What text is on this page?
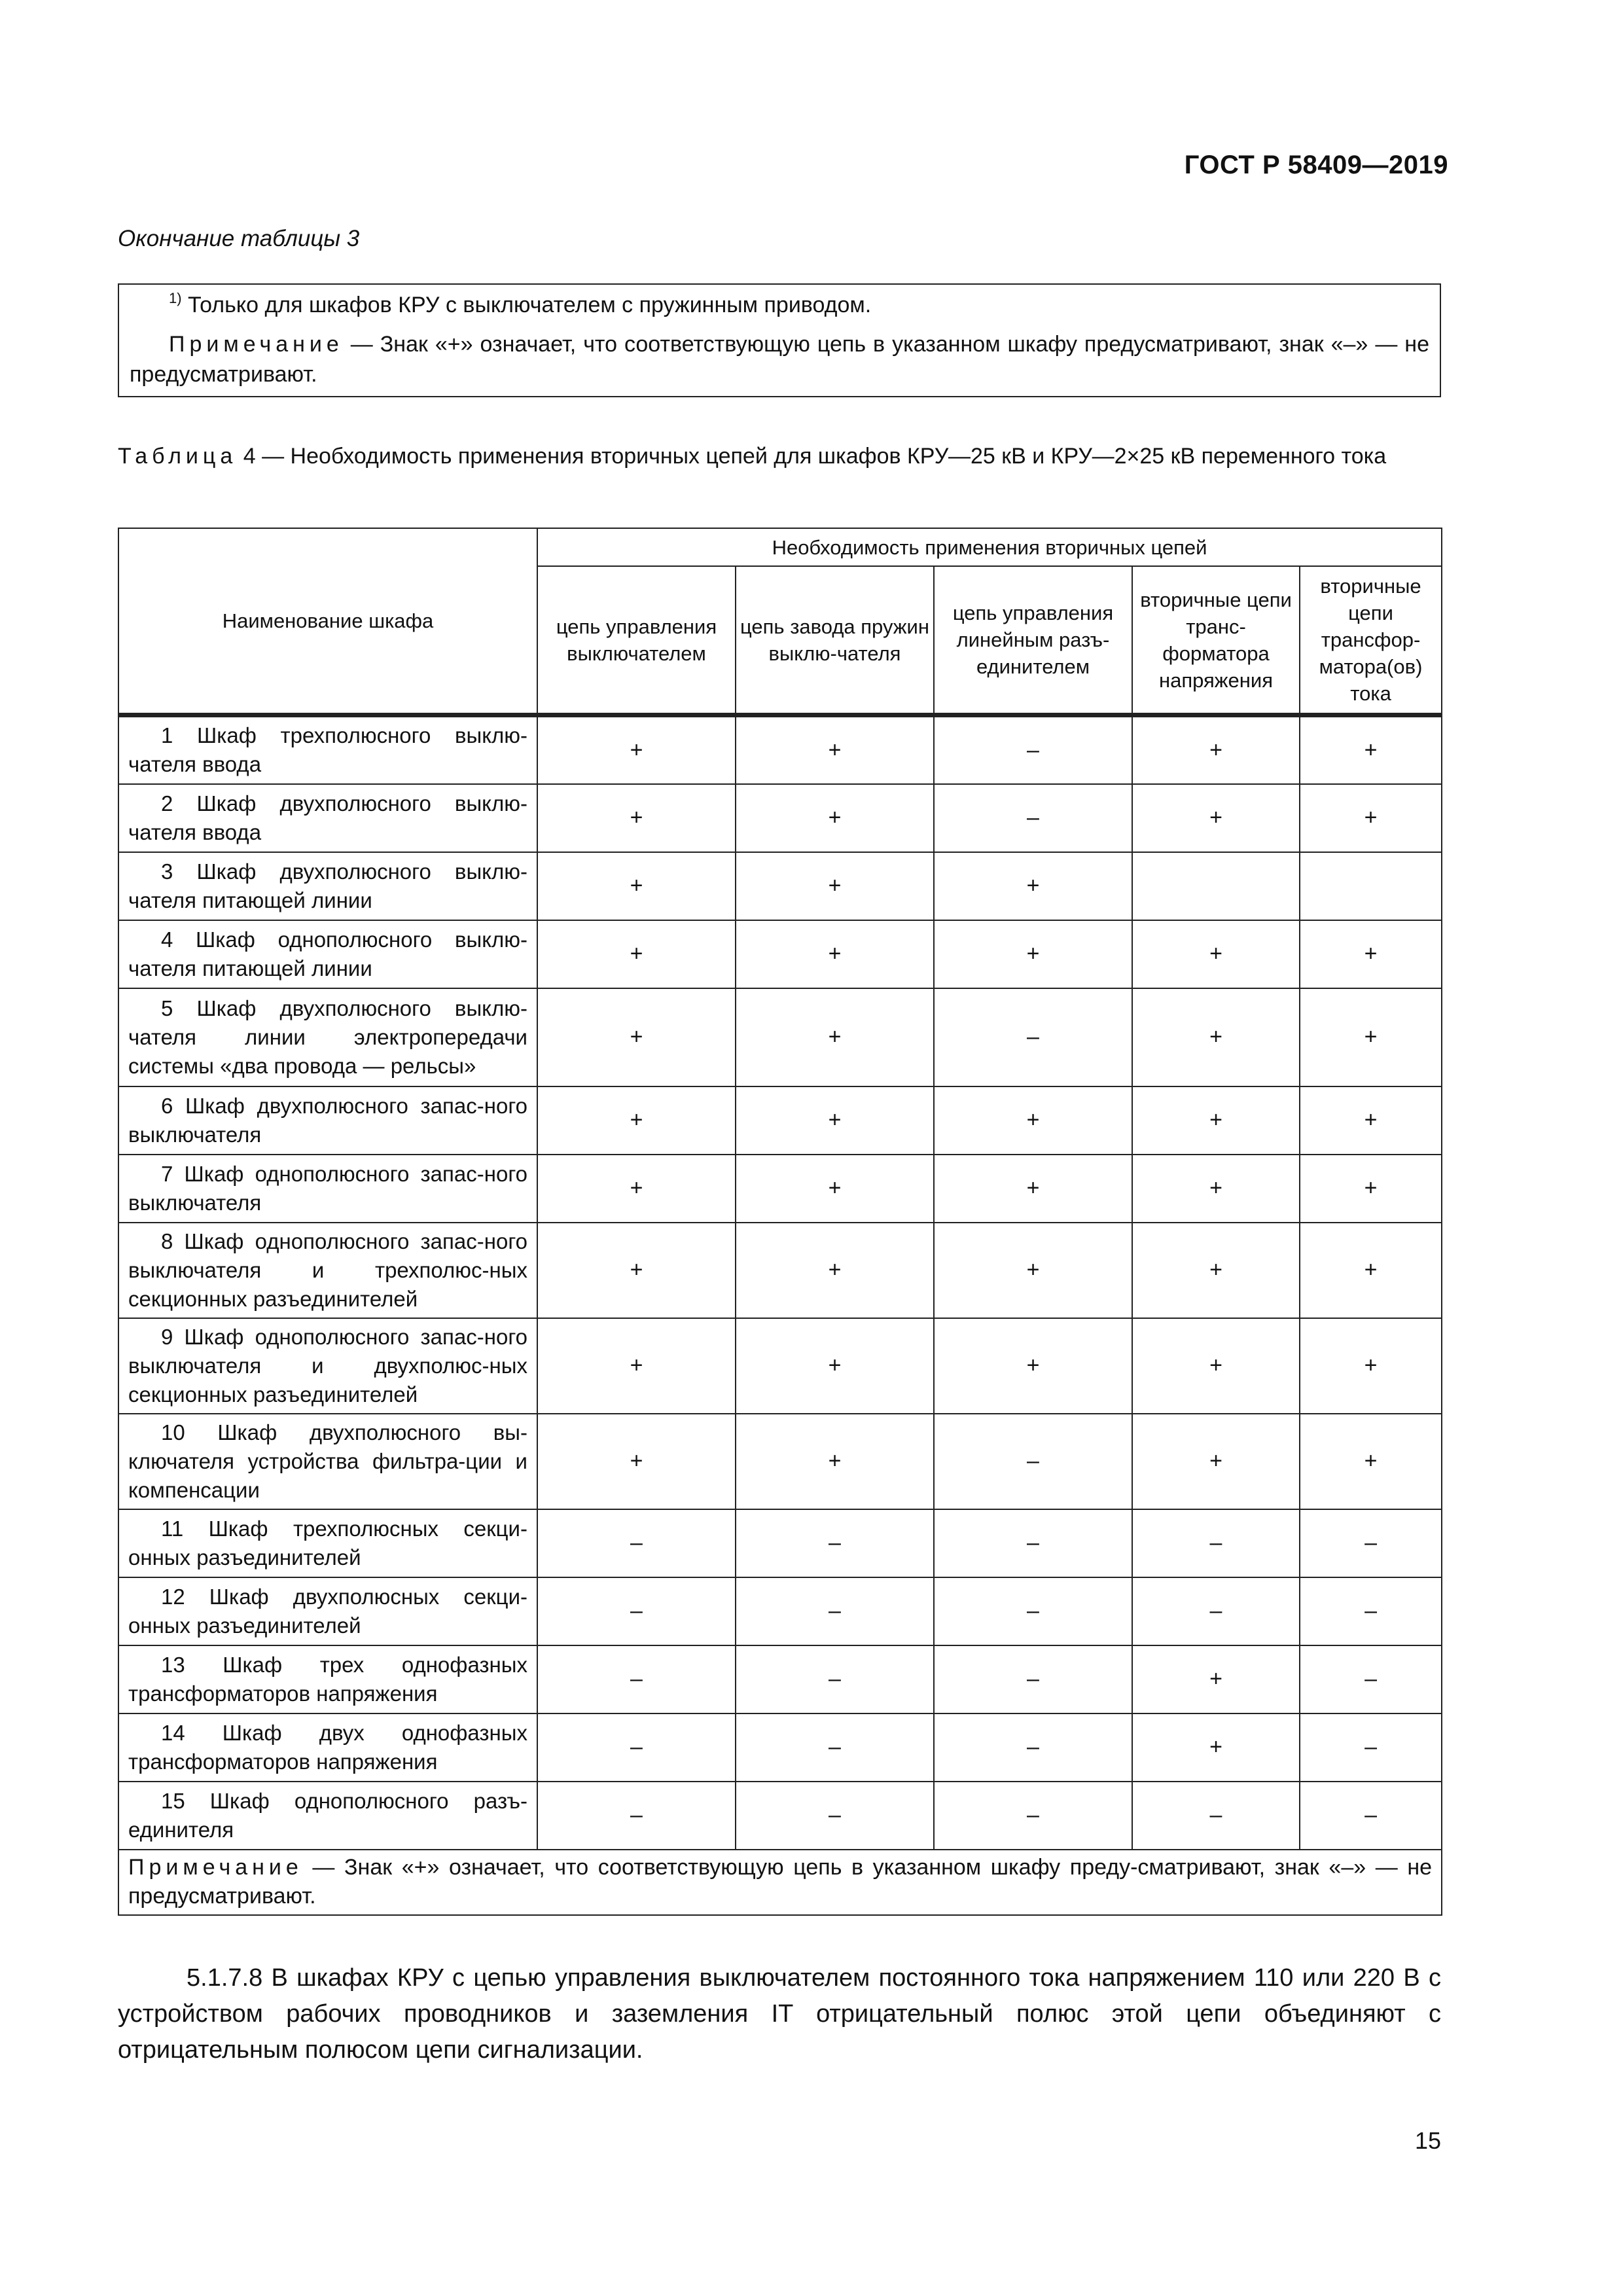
ГОСТ Р 58409—2019
Окончание таблицы 3

$^{1)}$ Только для шкафов КРУ с выключателем с пружинным приводом.

Примечание — Знак «+» означает, что соответствующую цепь в указанном шкафу предусматривают, знак «–» — не предусматривают.

Таблица 4 — Необходимость применения вторичных цепей для шкафов КРУ—25 кВ и КРУ—2×25 кВ переменного тока
Наименование шкафа	Необходимость применения вторичных цепей				
	цепь управления выключателем	цепь завода пружин выклю-чателя	цепь управления линейным разъ-единителем	вторичные цепи транс-форматора напряжения	вторичные цепи трансфор-матора(ов) тока

1 Шкаф трехполюсного выклю-чателя ввода	+	+	–	+	+
2 Шкаф двухполюсного выклю-чателя ввода	+	+	–	+	+
3 Шкаф двухполюсного выклю-чателя питающей линии	+	+	+		
4 Шкаф однополюсного выклю-чателя питающей линии	+	+	+	+	+
5 Шкаф двухполюсного выклю-чателя линии электропередачи системы «два провода — рельсы»	+	+	–	+	+
6 Шкаф двухполюсного запас-ного выключателя	+	+	+	+	+
7 Шкаф однополюсного запас-ного выключателя	+	+	+	+	+
8 Шкаф однополюсного запас-ного выключателя и трехполюс-ных секционных разъединителей	+	+	+	+	+
9 Шкаф однополюсного запас-ного выключателя и двухполюс-ных секционных разъединителей	+	+	+	+	+
10 Шкаф двухполюсного вы-ключателя устройства фильтра-ции и компенсации	+	+	–	+	+
11 Шкаф трехполюсных секци-онных разъединителей	–	–	–	–	–
12 Шкаф двухполюсных секци-онных разъединителей	–	–	–	–	–
13 Шкаф трех однофазных трансформаторов напряжения	–	–	–	+	–
14 Шкаф двух однофазных трансформаторов напряжения	–	–	–	+	–
15 Шкаф однополюсного разъ-единителя	–	–	–	–	–
Примечание — Знак «+» означает, что соответствующую цепь в указанном шкафу преду-сматривают, знак «–» — не предусматривают.					
5.1.7.8 В шкафах КРУ с цепью управления выключателем постоянного тока напряжением 110 или 220 В с устройством рабочих проводников и заземления IT отрицательный полюс этой цепи объединяют с отрицательным полюсом цепи сигнализации.
15
